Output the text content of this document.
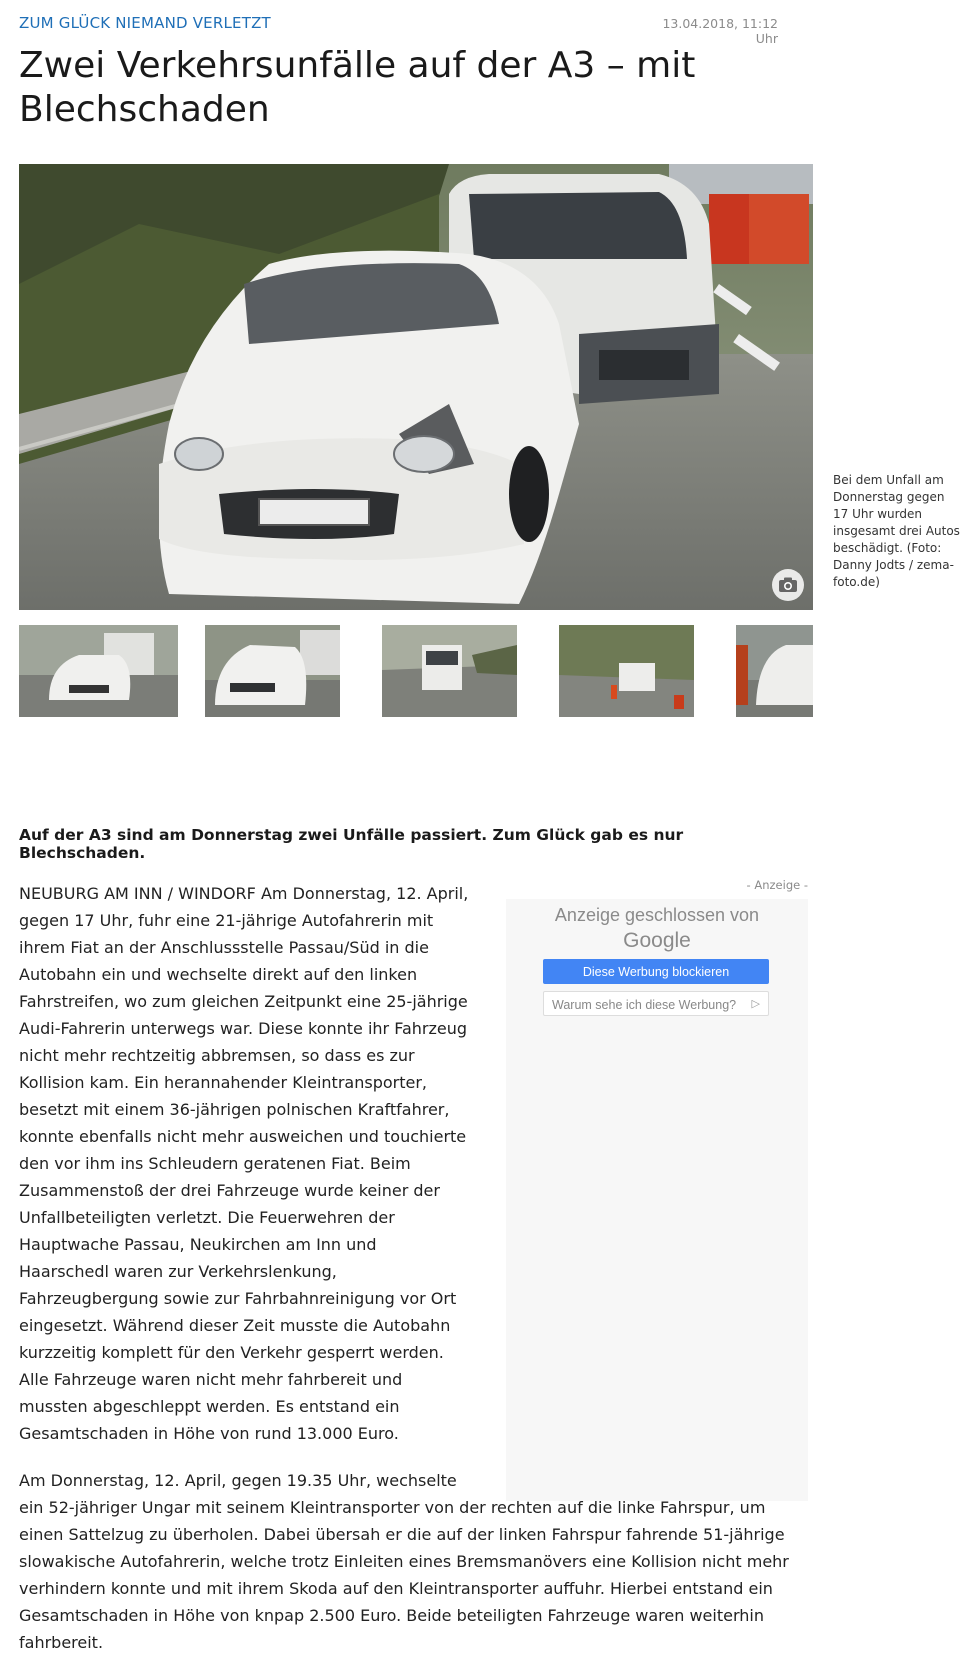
ZUM GLÜCK NIEMAND VERLETZT	13.04.2018, 11:12 Uhr
Zwei Verkehrsunfälle auf der A3 – mit Blechschaden
Bei dem Unfall am Donnerstag gegen 17 Uhr wurden insgesamt drei Autos beschädigt. (Foto: Danny Jodts / zema-foto.de)

Auf der A3 sind am Donnerstag zwei Unfälle passiert. Zum Glück gab es nur Blechschaden.

- Anzeige -
Anzeige geschlossen von
Google
Diese Werbung blockieren
Warum sehe ich diese Werbung? ▷

NEUBURG AM INN / WINDORF Am Donnerstag, 12. April, gegen 17 Uhr, fuhr eine 21-jährige Autofahrerin mit ihrem Fiat an der Anschlussstelle Passau/Süd in die Autobahn ein und wechselte direkt auf den linken Fahrstreifen, wo zum gleichen Zeitpunkt eine 25-jährige Audi-Fahrerin unterwegs war. Diese konnte ihr Fahrzeug nicht mehr rechtzeitig abbremsen, so dass es zur Kollision kam. Ein herannahender Kleintransporter, besetzt mit einem 36-jährigen polnischen Kraftfahrer, konnte ebenfalls nicht mehr ausweichen und touchierte den vor ihm ins Schleudern geratenen Fiat. Beim Zusammenstoß der drei Fahrzeuge wurde keiner der Unfallbeteiligten verletzt. Die Feuerwehren der Hauptwache Passau, Neukirchen am Inn und Haarschedl waren zur Verkehrslenkung, Fahrzeugbergung sowie zur Fahrbahnreinigung vor Ort eingesetzt. Während dieser Zeit musste die Autobahn kurzzeitig komplett für den Verkehr gesperrt werden. Alle Fahrzeuge waren nicht mehr fahrbereit und mussten abgeschleppt werden. Es entstand ein Gesamtschaden in Höhe von rund 13.000 Euro.

Am Donnerstag, 12. April, gegen 19.35 Uhr, wechselte ein 52-jähriger Ungar mit seinem Kleintransporter von der rechten auf die linke Fahrspur, um einen Sattelzug zu überholen. Dabei übersah er die auf der linken Fahrspur fahrende 51-jährige slowakische Autofahrerin, welche trotz Einleiten eines Bremsmanövers eine Kollision nicht mehr verhindern konnte und mit ihrem Skoda auf den Kleintransporter auffuhr. Hierbei entstand ein Gesamtschaden in Höhe von knpap 2.500 Euro. Beide beteiligten Fahrzeuge waren weiterhin fahrbereit.
